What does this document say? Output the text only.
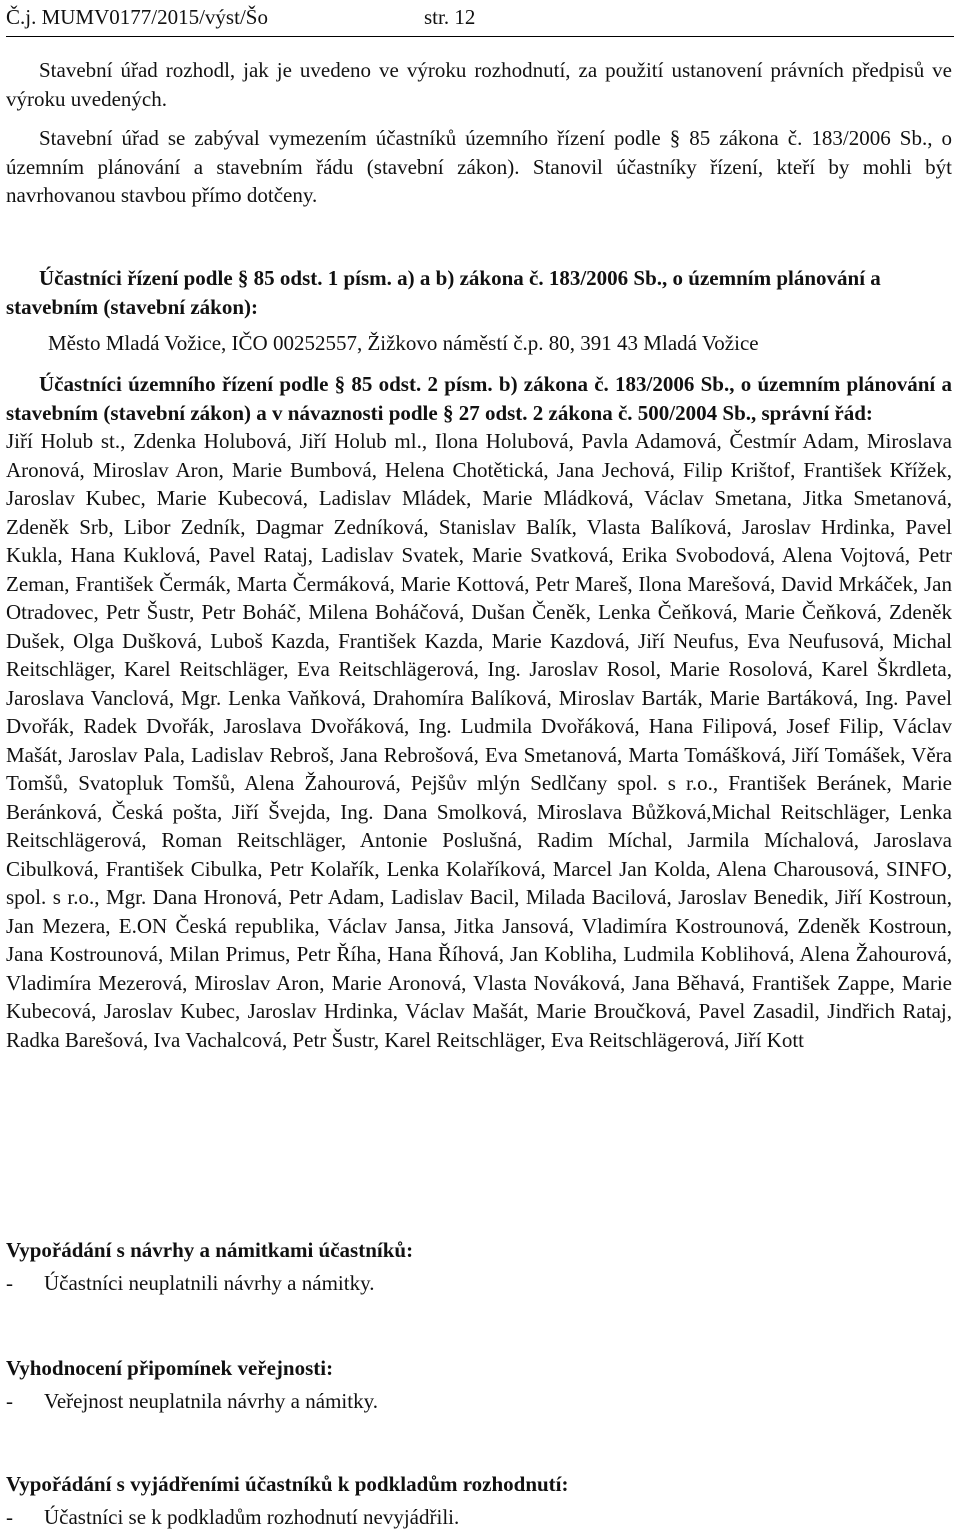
Č.j. MUMV0177/2015/výst/Šo	str. 12

Stavební úřad rozhodl, jak je uvedeno ve výroku rozhodnutí, za použití ustanovení právních předpisů ve výroku uvedených.

Stavební úřad se zabýval vymezením účastníků územního řízení podle § 85 zákona č. 183/2006 Sb., o územním plánování a stavebním řádu (stavební zákon). Stanovil účastníky řízení, kteří by mohli být navrhovanou stavbou přímo dotčeny.

Účastníci řízení podle § 85 odst. 1 písm. a) a b) zákona č. 183/2006 Sb., o územním plánování a stavebním (stavební zákon):

Město Mladá Vožice, IČO 00252557, Žižkovo náměstí č.p. 80, 391 43 Mladá Vožice

Účastníci územního řízení podle § 85 odst. 2 písm. b) zákona č. 183/2006 Sb., o územním plánování a stavebním (stavební zákon) a v návaznosti podle § 27 odst. 2 zákona č. 500/2004 Sb., správní řád:

Jiří Holub st., Zdenka Holubová, Jiří Holub ml., Ilona Holubová, Pavla Adamová, Čestmír Adam, Miroslava Aronová, Miroslav Aron, Marie Bumbová, Helena Chotětická, Jana Jechová, Filip Krištof, František Křížek, Jaroslav Kubec, Marie Kubecová, Ladislav Mládek, Marie Mládková, Václav Smetana, Jitka Smetanová, Zdeněk Srb, Libor Zedník, Dagmar Zedníková, Stanislav Balík, Vlasta Balíková, Jaroslav Hrdinka, Pavel Kukla, Hana Kuklová, Pavel Rataj, Ladislav Svatek, Marie Svatková, Erika Svobodová, Alena Vojtová, Petr Zeman, František Čermák, Marta Čermáková, Marie Kottová, Petr Mareš, Ilona Marešová, David Mrkáček, Jan Otradovec, Petr Šustr, Petr Boháč, Milena Boháčová, Dušan Čeněk, Lenka Čeňková, Marie Čeňková, Zdeněk Dušek, Olga Dušková, Luboš Kazda, František Kazda, Marie Kazdová, Jiří Neufus, Eva Neufusová, Michal Reitschläger, Karel Reitschläger, Eva Reitschlägerová, Ing. Jaroslav Rosol, Marie Rosolová, Karel Škrdleta, Jaroslava Vanclová, Mgr. Lenka Vaňková, Drahomíra Balíková, Miroslav Barták, Marie Bartáková, Ing. Pavel Dvořák, Radek Dvořák, Jaroslava Dvořáková, Ing. Ludmila Dvořáková, Hana Filipová, Josef Filip, Václav Mašát, Jaroslav Pala, Ladislav Rebroš, Jana Rebrošová, Eva Smetanová, Marta Tomášková, Jiří Tomášek, Věra Tomšů, Svatopluk Tomšů, Alena Žahourová, Pejšův mlýn Sedlčany spol. s r.o., František Beránek, Marie Beránková, Česká pošta, Jiří Švejda, Ing. Dana Smolková, Miroslava Bůžková,Michal Reitschläger, Lenka Reitschlägerová, Roman Reitschläger, Antonie Poslušná, Radim Míchal, Jarmila Míchalová, Jaroslava Cibulková, František Cibulka, Petr Kolařík, Lenka Kolaříková, Marcel Jan Kolda, Alena Charousová, SINFO, spol. s r.o., Mgr. Dana Hronová, Petr Adam, Ladislav Bacil, Milada Bacilová, Jaroslav Benedik, Jiří Kostroun, Jan Mezera, E.ON Česká republika, Václav Jansa, Jitka Jansová, Vladimíra Kostrounová, Zdeněk Kostroun, Jana Kostrounová, Milan Primus, Petr Říha, Hana Říhová, Jan Kobliha, Ludmila Koblihová, Alena Žahourová, Vladimíra Mezerová, Miroslav Aron, Marie Aronová, Vlasta Nováková, Jana Běhavá, František Zappe, Marie Kubecová, Jaroslav Kubec, Jaroslav Hrdinka, Václav Mašát, Marie Broučková, Pavel Zasadil, Jindřich Rataj, Radka Barešová, Iva Vachalcová, Petr Šustr, Karel Reitschläger, Eva Reitschlägerová, Jiří Kott

Vypořádání s návrhy a námitkami účastníků:

- Účastníci neuplatnili návrhy a námitky.

Vyhodnocení připomínek veřejnosti:

- Veřejnost neuplatnila návrhy a námitky.

Vypořádání s vyjádřeními účastníků k podkladům rozhodnutí:

- Účastníci se k podkladům rozhodnutí nevyjádřili.
